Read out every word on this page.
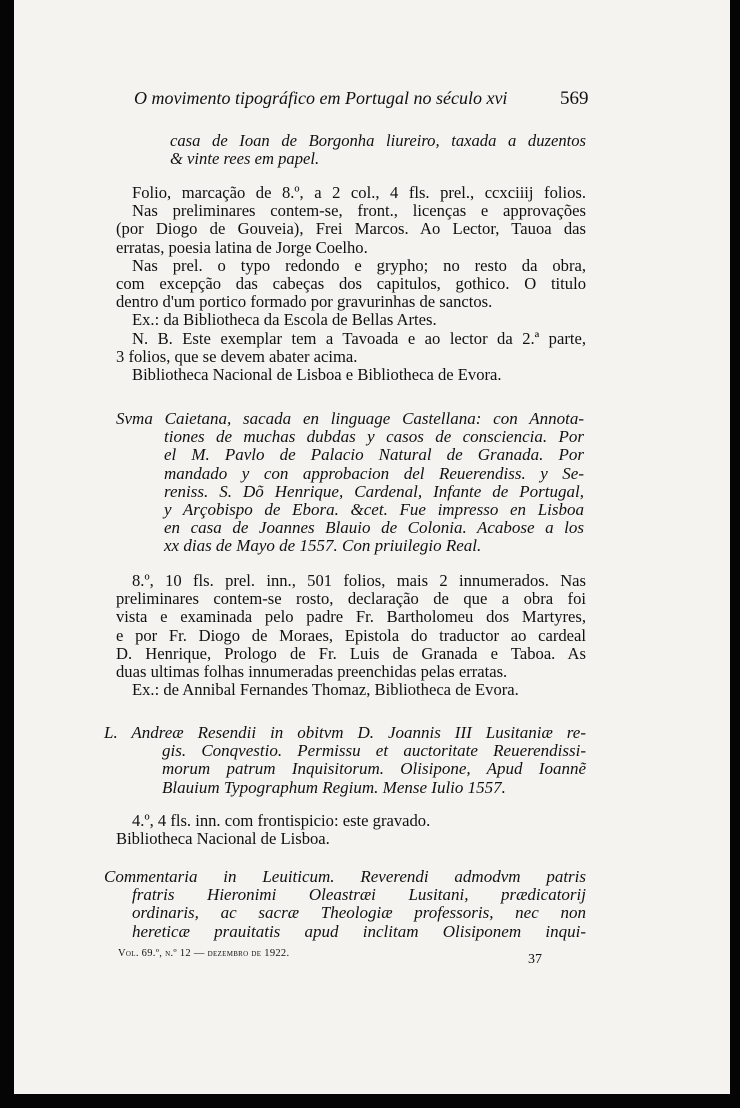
O movimento tipográfico em Portugal no século xvi	569
casa de Ioan de Borgonha liureiro, taxada a duzentos
& vinte rees em papel.
Folio, marcação de 8.º, a 2 col., 4 fls. prel., ccxciiij folios.
Nas preliminares contem-se, front., licenças e approvações
(por Diogo de Gouveia), Frei Marcos. Ao Lector, Tauoa das
erratas, poesia latina de Jorge Coelho.
Nas prel. o typo redondo e grypho; no resto da obra,
com excepção das cabeças dos capitulos, gothico. O titulo
dentro d'um portico formado por gravurinhas de sanctos.
Ex.: da Bibliotheca da Escola de Bellas Artes.
N. B. Este exemplar tem a Tavoada e ao lector da 2.ª parte,
3 folios, que se devem abater acima.
Bibliotheca Nacional de Lisboa e Bibliotheca de Evora.
Svma Caietana, sacada en linguage Castellana: con Annota-
tiones de muchas dubdas y casos de consciencia. Por
el M. Pavlo de Palacio Natural de Granada. Por
mandado y con approbacion del Reuerendiss. y Se-
reniss. S. Dõ Henrique, Cardenal, Infante de Portugal,
y Arçobispo de Ebora. &cet. Fue impresso en Lisboa
en casa de Joannes Blauio de Colonia. Acabose a los
xx dias de Mayo de 1557. Con priuilegio Real.
8.º, 10 fls. prel. inn., 501 folios, mais 2 innumerados. Nas
preliminares contem-se rosto, declaração de que a obra foi
vista e examinada pelo padre Fr. Bartholomeu dos Martyres,
e por Fr. Diogo de Moraes, Epistola do traductor ao cardeal
D. Henrique, Prologo de Fr. Luis de Granada e Taboa. As
duas ultimas folhas innumeradas preenchidas pelas erratas.
Ex.: de Annibal Fernandes Thomaz, Bibliotheca de Evora.
L. Andreæ Resendii in obitvm D. Joannis III Lusitaniæ re-
gis. Conqvestio. Permissu et auctoritate Reuerendissi-
morum patrum Inquisitorum. Olisipone, Apud Ioannẽ
Blauium Typographum Regium. Mense Iulio 1557.
4.º, 4 fls. inn. com frontispicio: este gravado.
Bibliotheca Nacional de Lisboa.
Commentaria in Leuiticum. Reverendi admodvm patris
fratris Hieronimi Oleastræi Lusitani, prædicatorij
ordinaris, ac sacræ Theologiæ professoris, nec non
hereticæ prauitatis apud inclitam Olisiponem inqui-
Vol. 69.º, n.º 12 — dezembro de 1922.	37
